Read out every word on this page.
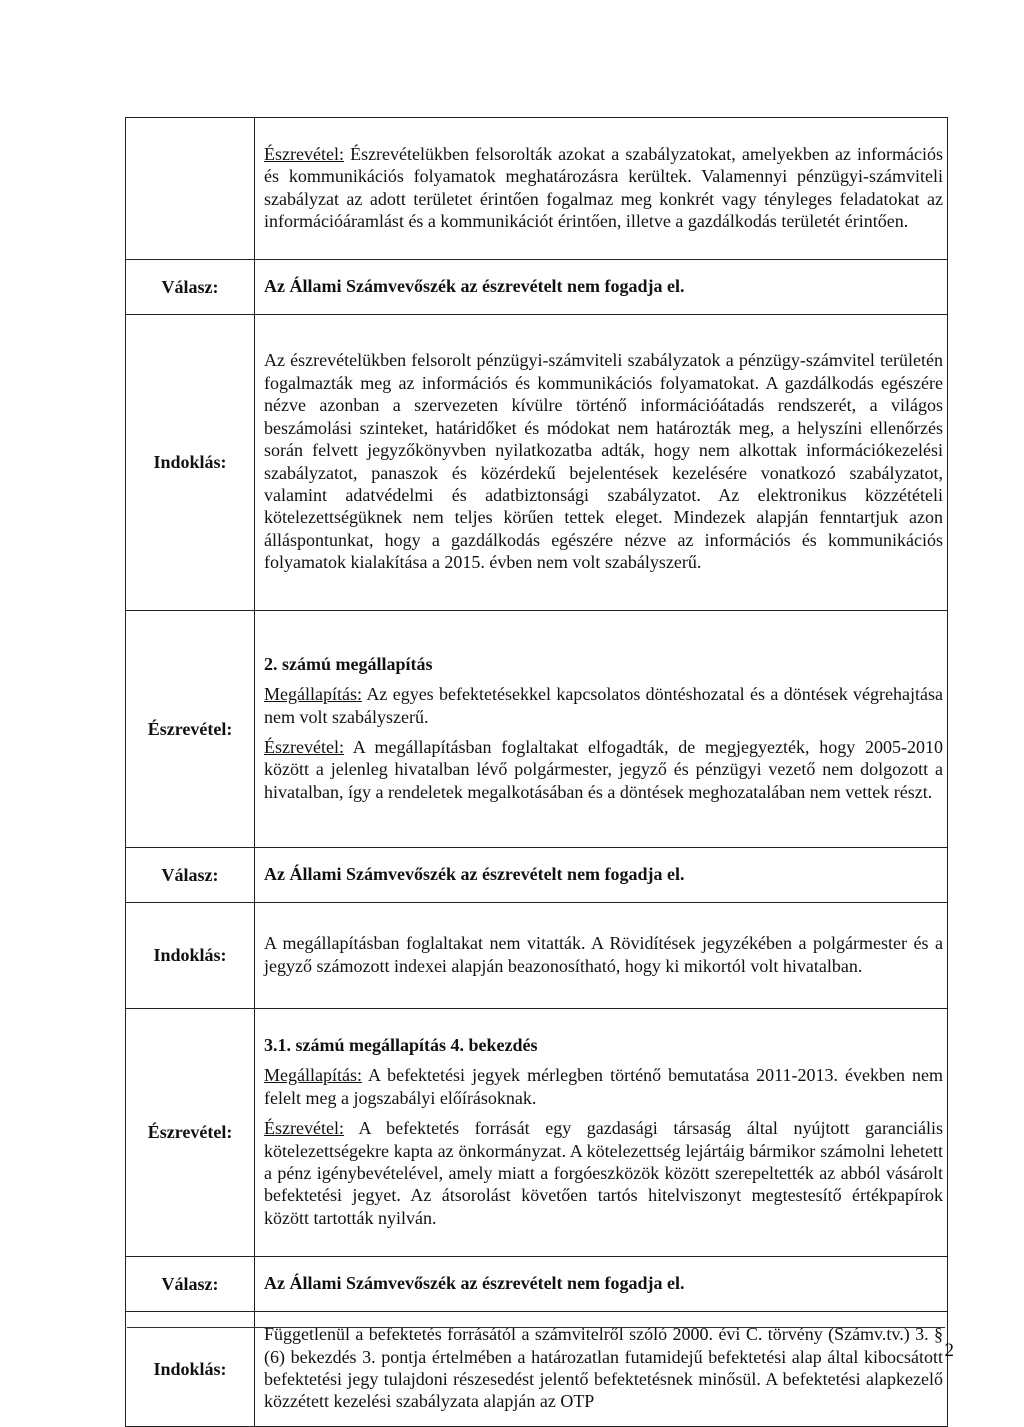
	Észrevétel: Észrevételükben felsorolták azokat a szabályzatokat, amelyekben az információs és kommunikációs folyamatok meghatározásra kerültek. Valamennyi pénzügyi-számviteli szabályzat az adott területet érintően fogalmaz meg konkrét vagy tényleges feladatokat az információáramlást és a kommunikációt érintően, illetve a gazdálkodás területét érintően.

Válasz:	Az Állami Számvevőszék az észrevételt nem fogadja el.
Indoklás:	Az észrevételükben felsorolt pénzügyi-számviteli szabályzatok a pénzügy-számvitel területén fogalmazták meg az információs és kommunikációs folyamatokat. A gazdálkodás egészére nézve azonban a szervezeten kívülre történő információátadás rendszerét, a világos beszámolási szinteket, határidőket és módokat nem határozták meg, a helyszíni ellenőrzés során felvett jegyzőkönyvben nyilatkozatba adták, hogy nem alkottak információkezelési szabályzatot, panaszok és közérdekű bejelentések kezelésére vonatkozó szabályzatot, valamint adatvédelmi és adatbiztonsági szabályzatot. Az elektronikus közzétételi kötelezettségüknek nem teljes körűen tettek eleget. Mindezek alapján fenntartjuk azon álláspontunkat, hogy a gazdálkodás egészére nézve az információs és kommunikációs folyamatok kialakítása a 2015. évben nem volt szabályszerű.
Észrevétel:	2. számú megállapítás

Megállapítás: Az egyes befektetésekkel kapcsolatos döntéshozatal és a döntések végrehajtása nem volt szabályszerű.

Észrevétel: A megállapításban foglaltakat elfogadták, de megjegyezték, hogy 2005-2010 között a jelenleg hivatalban lévő polgármester, jegyző és pénzügyi vezető nem dolgozott a hivatalban, így a rendeletek megalkotásában és a döntések meghozatalában nem vettek részt.

Válasz:	Az Állami Számvevőszék az észrevételt nem fogadja el.
Indoklás:	A megállapításban foglaltakat nem vitatták. A Rövidítések jegyzékében a polgármester és a jegyző számozott indexei alapján beazonosítható, hogy ki mikortól volt hivatalban.
Észrevétel:	3.1. számú megállapítás 4. bekezdés

Megállapítás: A befektetési jegyek mérlegben történő bemutatása 2011-2013. években nem felelt meg a jogszabályi előírásoknak.

Észrevétel: A befektetés forrását egy gazdasági társaság által nyújtott garanciális kötelezettségekre kapta az önkormányzat. A kötelezettség lejártáig bármikor számolni lehetett a pénz igénybevételével, amely miatt a forgóeszközök között szerepeltették az abból vásárolt befektetési jegyet. Az átsorolást követően tartós hitelviszonyt megtestesítő értékpapírok között tartották nyilván.

Válasz:	Az Állami Számvevőszék az észrevételt nem fogadja el.
Indoklás:	Függetlenül a befektetés forrásától a számvitelről szóló 2000. évi C. törvény (Számv.tv.) 3. § (6) bekezdés 3. pontja értelmében a határozatlan futamidejű befektetési alap által kibocsátott befektetési jegy tulajdoni részesedést jelentő befektetésnek minősül. A befektetési alapkezelő közzétett kezelési szabályzata alapján az OTP
2
